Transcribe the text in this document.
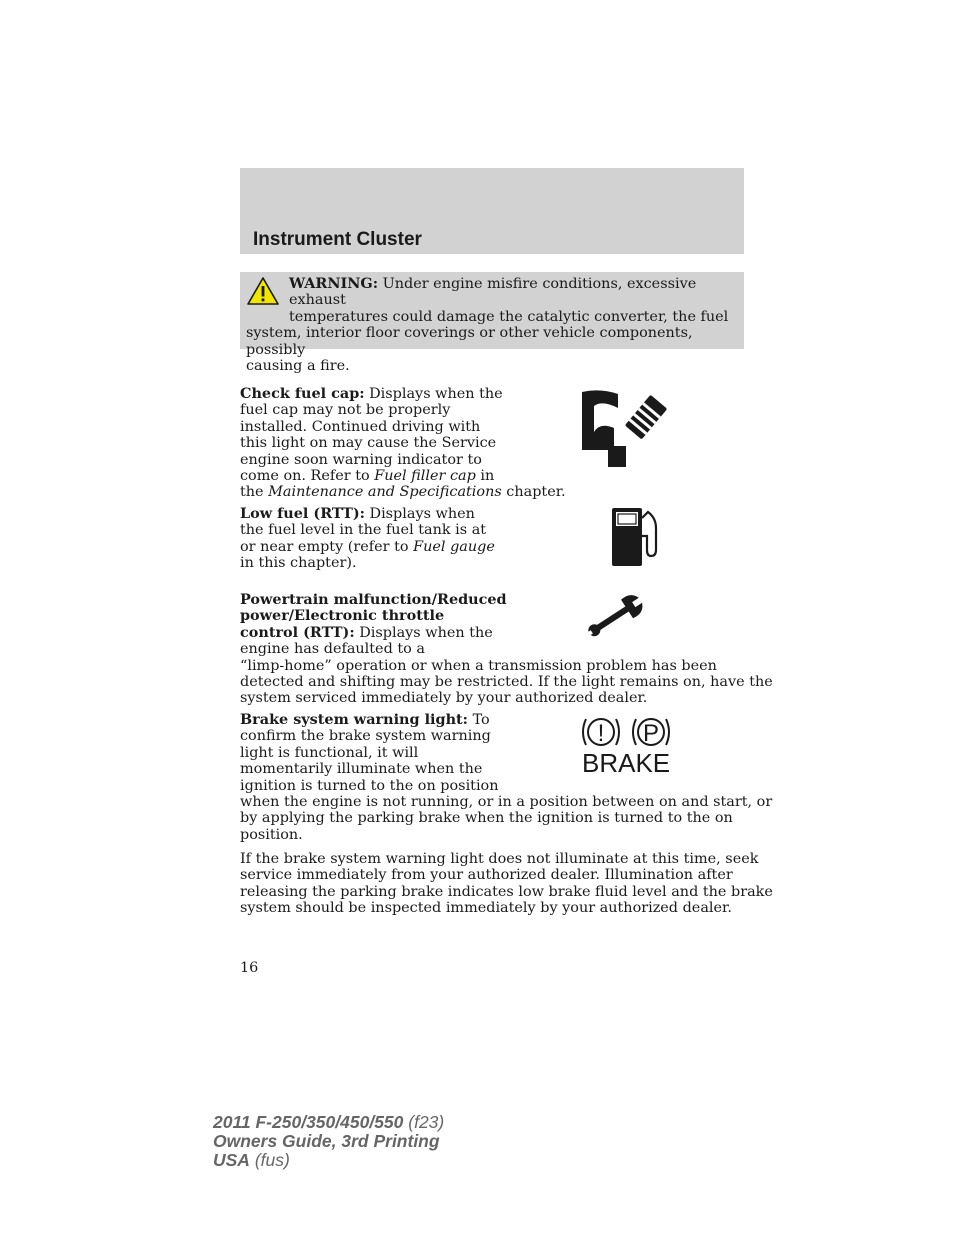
Instrument Cluster
WARNING: Under engine misfire conditions, excessive exhaust
temperatures could damage the catalytic converter, the fuel
system, interior floor coverings or other vehicle components, possibly
causing a fire.
Check fuel cap: Displays when the
fuel cap may not be properly
installed. Continued driving with
this light on may cause the Service
engine soon warning indicator to
come on. Refer to Fuel filler cap in
the Maintenance and Specifications chapter.
Low fuel (RTT): Displays when
the fuel level in the fuel tank is at
or near empty (refer to Fuel gauge
in this chapter).
Powertrain malfunction/Reduced
power/Electronic throttle
control (RTT): Displays when the
engine has defaulted to a
“limp-home” operation or when a transmission problem has been
detected and shifting may be restricted. If the light remains on, have the
system serviced immediately by your authorized dealer.
Brake system warning light: To
confirm the brake system warning
light is functional, it will
momentarily illuminate when the
ignition is turned to the on position
when the engine is not running, or in a position between on and start, or
by applying the parking brake when the ignition is turned to the on
position.
! P
BRAKE
If the brake system warning light does not illuminate at this time, seek
service immediately from your authorized dealer. Illumination after
releasing the parking brake indicates low brake fluid level and the brake
system should be inspected immediately by your authorized dealer.
16
2011 F-250/350/450/550 (f23)
Owners Guide, 3rd Printing
USA (fus)
